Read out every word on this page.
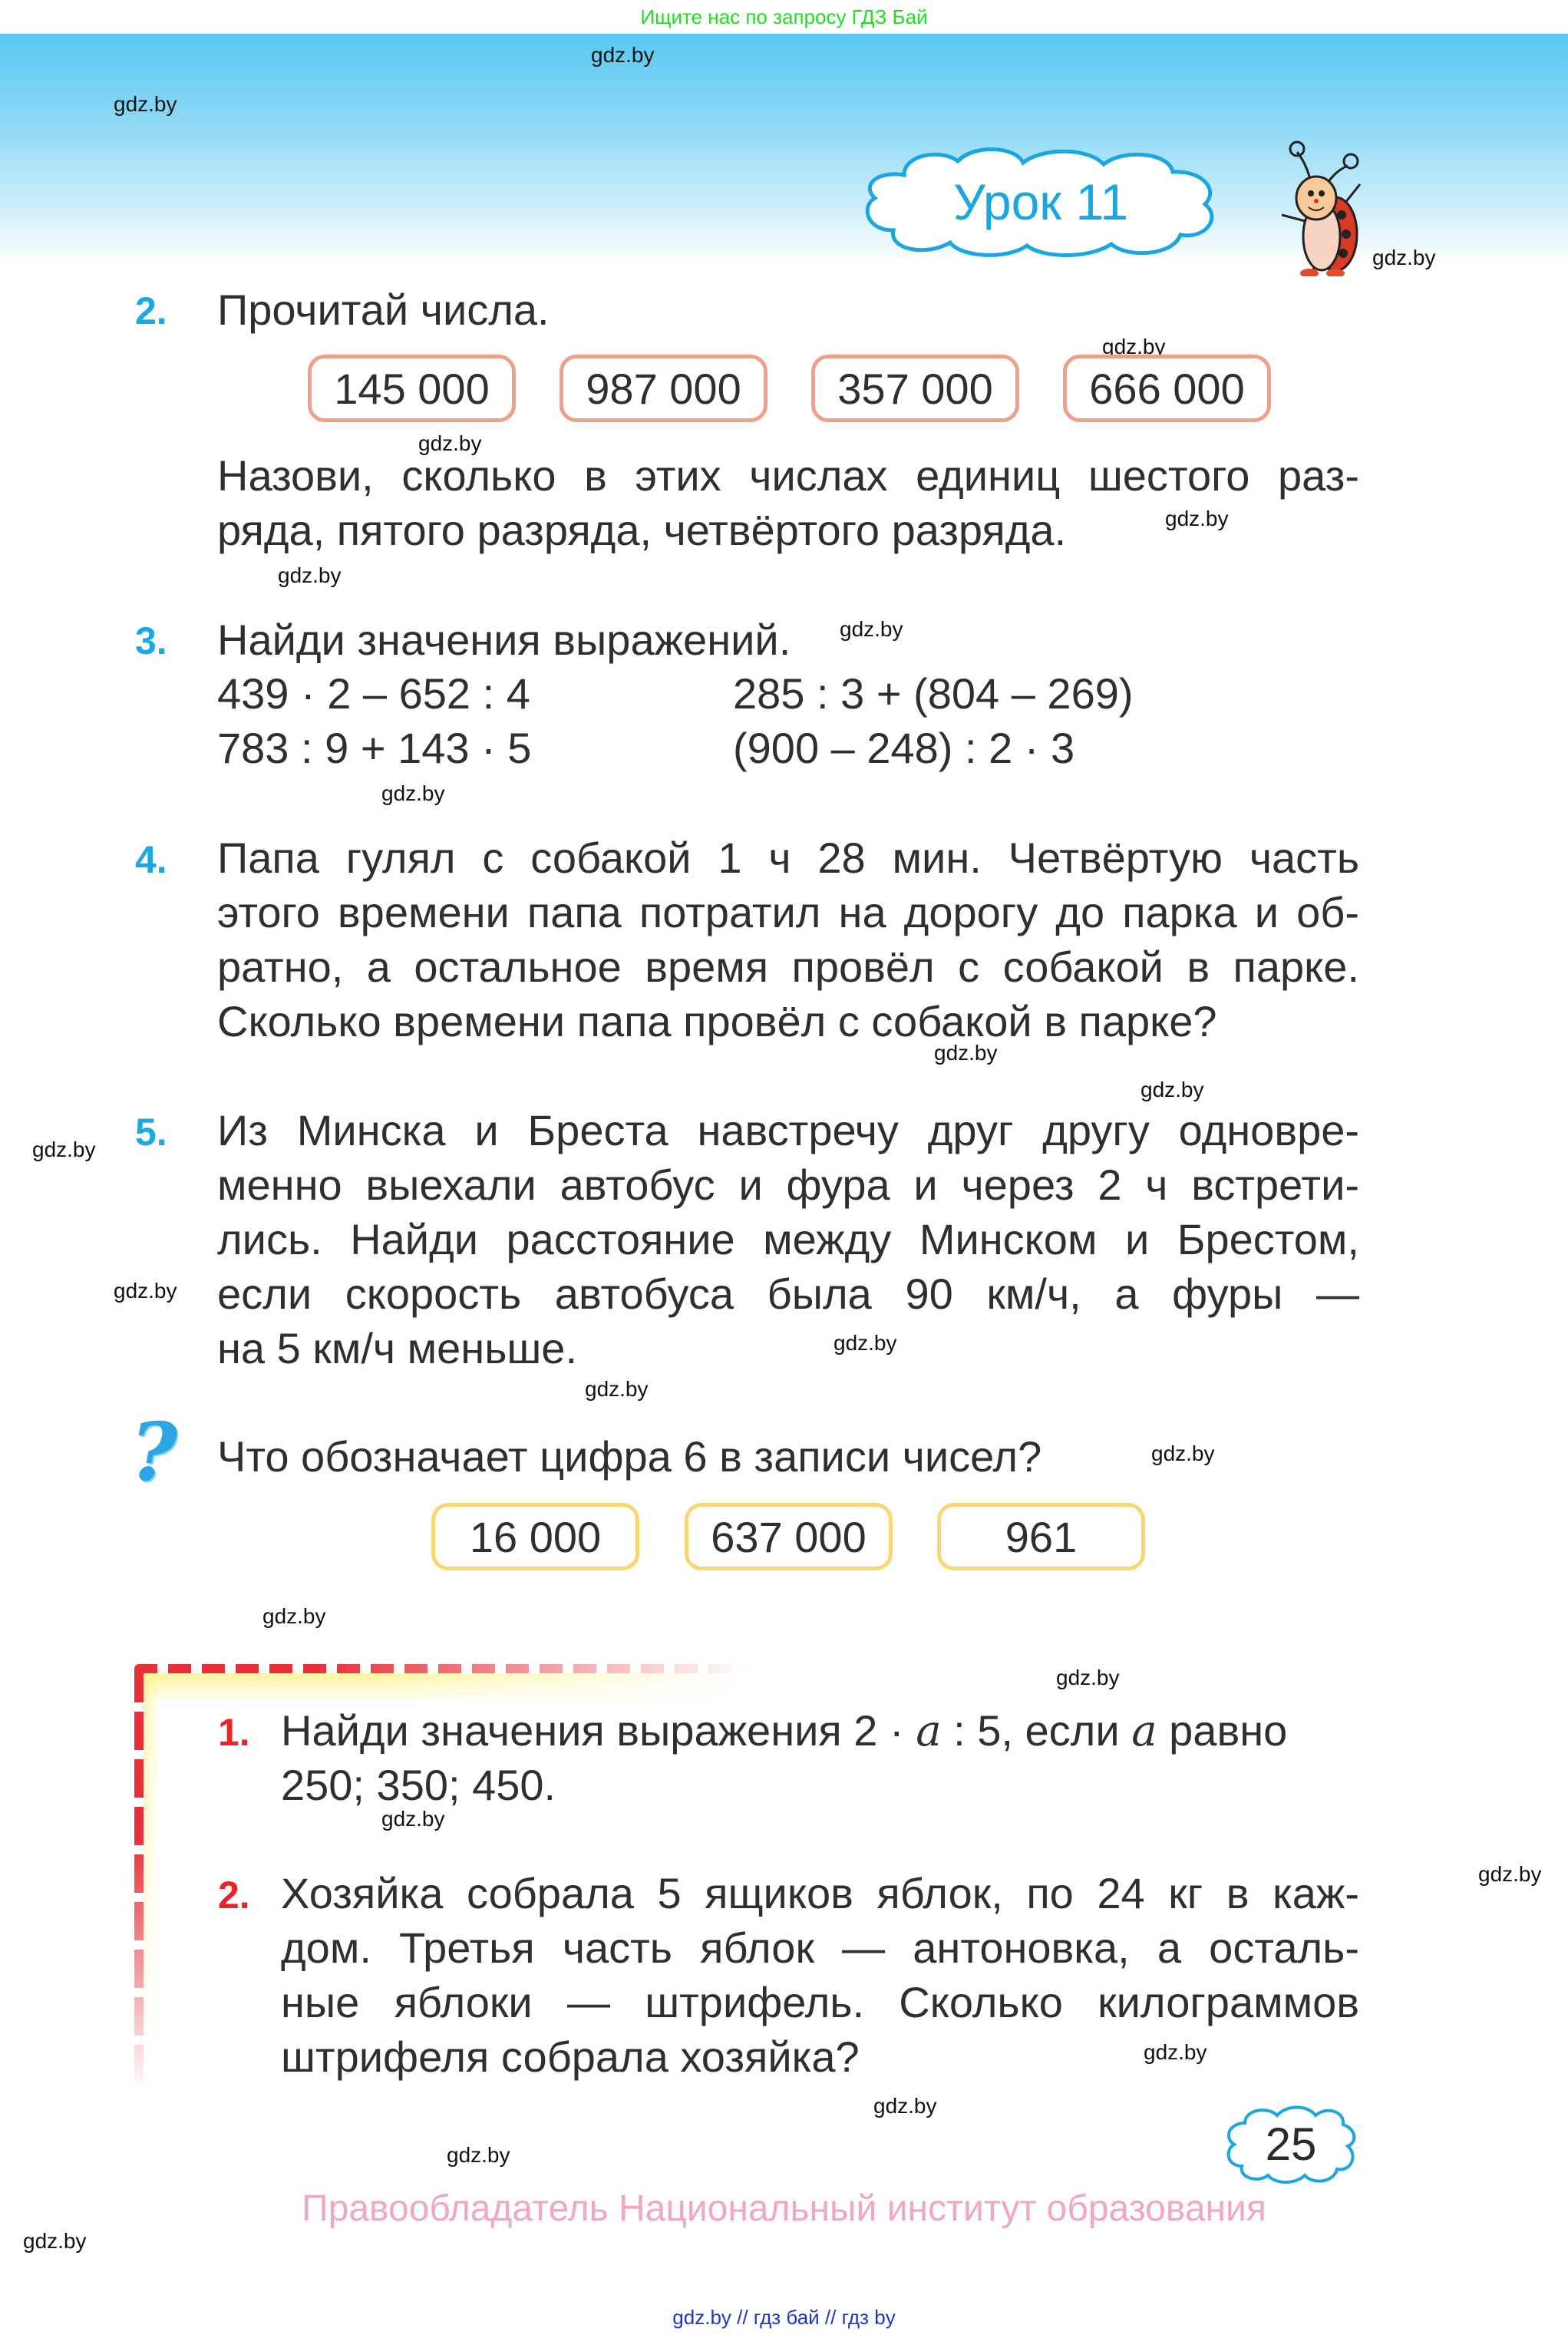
Ищите нас по запросу ГДЗ Бай
gdz.by
gdz.by
gdz.by
gdz.by
gdz.by
gdz.by
gdz.by
gdz.by
gdz.by
gdz.by
gdz.by
gdz.by
gdz.by
gdz.by
gdz.by
gdz.by
gdz.by
gdz.by
gdz.by
gdz.by
gdz.by
gdz.by
gdz.by
gdz.by
Урок 11
2. Прочитай числа.
145 000	987 000	357 000	666 000
Назови, сколько в этих числах единиц шестого раз-
ряда, пятого разряда, четвёртого разряда.
3. Найди значения выражений.
439 · 2 – 652 : 4	285 : 3 + (804 – 269)
783 : 9 + 143 · 5	(900 – 248) : 2 · 3
4. Папа гулял с собакой 1 ч 28 мин. Четвёртую часть
этого времени папа потратил на дорогу до парка и об-
ратно, а остальное время провёл с собакой в парке.
Сколько времени папа провёл с собакой в парке?
5. Из Минска и Бреста навстречу друг другу одновре-
менно выехали автобус и фура и через 2 ч встрети-
лись. Найди расстояние между Минском и Брестом,
если скорость автобуса была 90 км/ч, а фуры —
на 5 км/ч меньше.
? Что обозначает цифра 6 в записи чисел?
16 000	637 000	961
1. Найди значения выражения 2 · a : 5, если a равно
250; 350; 450.
2. Хозяйка собрала 5 ящиков яблок, по 24 кг в каж-
дом. Третья часть яблок — антоновка, а осталь-
ные яблоки — штрифель. Сколько килограммов
штрифеля собрала хозяйка?
25
Правообладатель Национальный институт образования
gdz.by // гдз бай // гдз by
